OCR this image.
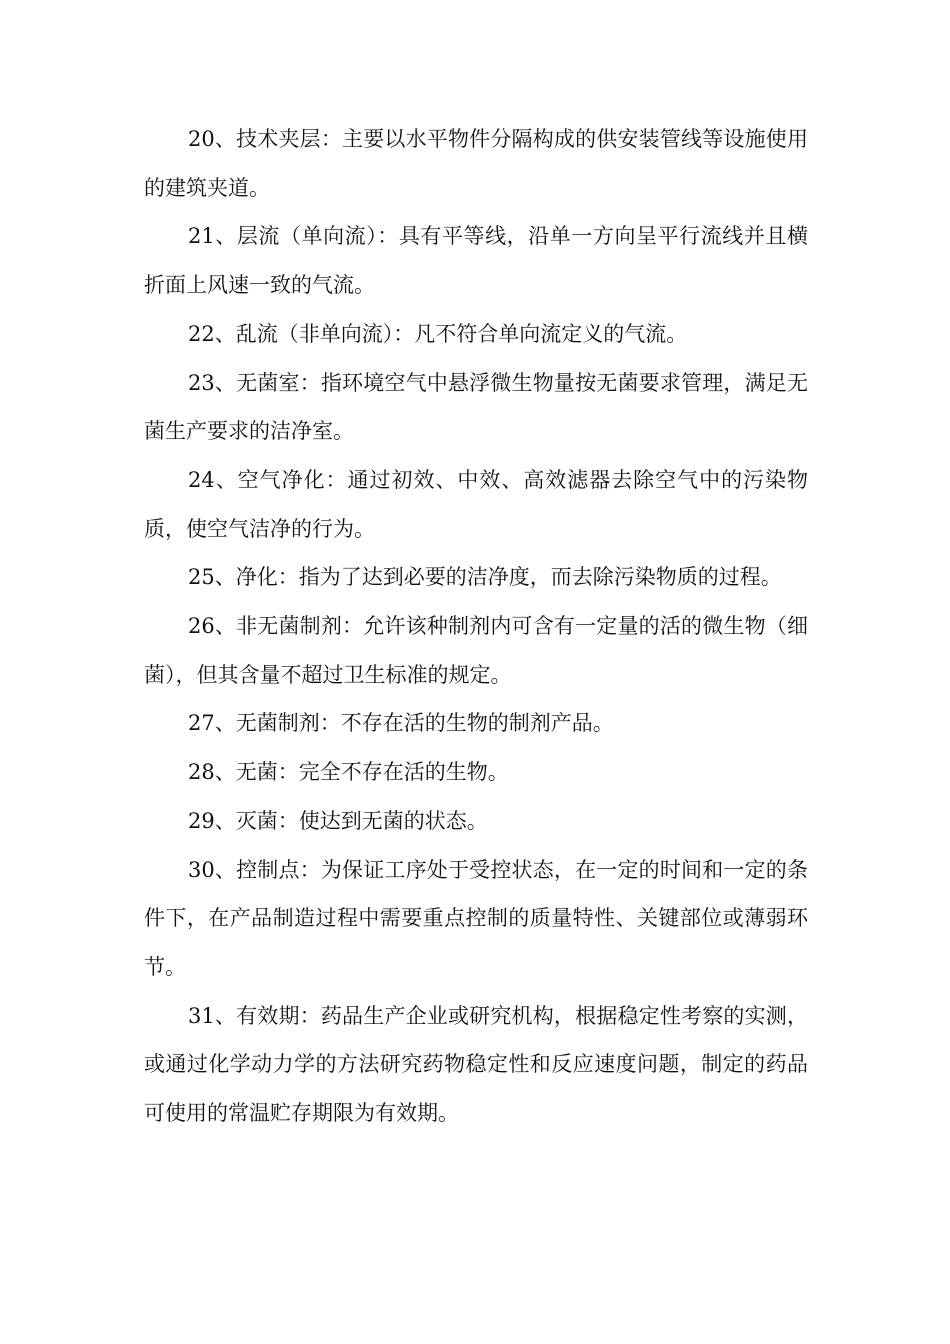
20、技术夹层：主要以水平物件分隔构成的供安装管线等设施使用的建筑夹道。

21、层流（单向流）：具有平等线，沿单一方向呈平行流线并且横折面上风速一致的气流。

22、乱流（非单向流）：凡不符合单向流定义的气流。

23、无菌室：指环境空气中悬浮微生物量按无菌要求管理，满足无菌生产要求的洁净室。

24、空气净化：通过初效、中效、高效滤器去除空气中的污染物质，使空气洁净的行为。

25、净化：指为了达到必要的洁净度，而去除污染物质的过程。

26、非无菌制剂：允许该种制剂内可含有一定量的活的微生物（细菌），但其含量不超过卫生标准的规定。

27、无菌制剂：不存在活的生物的制剂产品。

28、无菌：完全不存在活的生物。

29、灭菌：使达到无菌的状态。

30、控制点：为保证工序处于受控状态，在一定的时间和一定的条件下，在产品制造过程中需要重点控制的质量特性、关键部位或薄弱环节。

31、有效期：药品生产企业或研究机构，根据稳定性考察的实测，或通过化学动力学的方法研究药物稳定性和反应速度问题，制定的药品可使用的常温贮存期限为有效期。
